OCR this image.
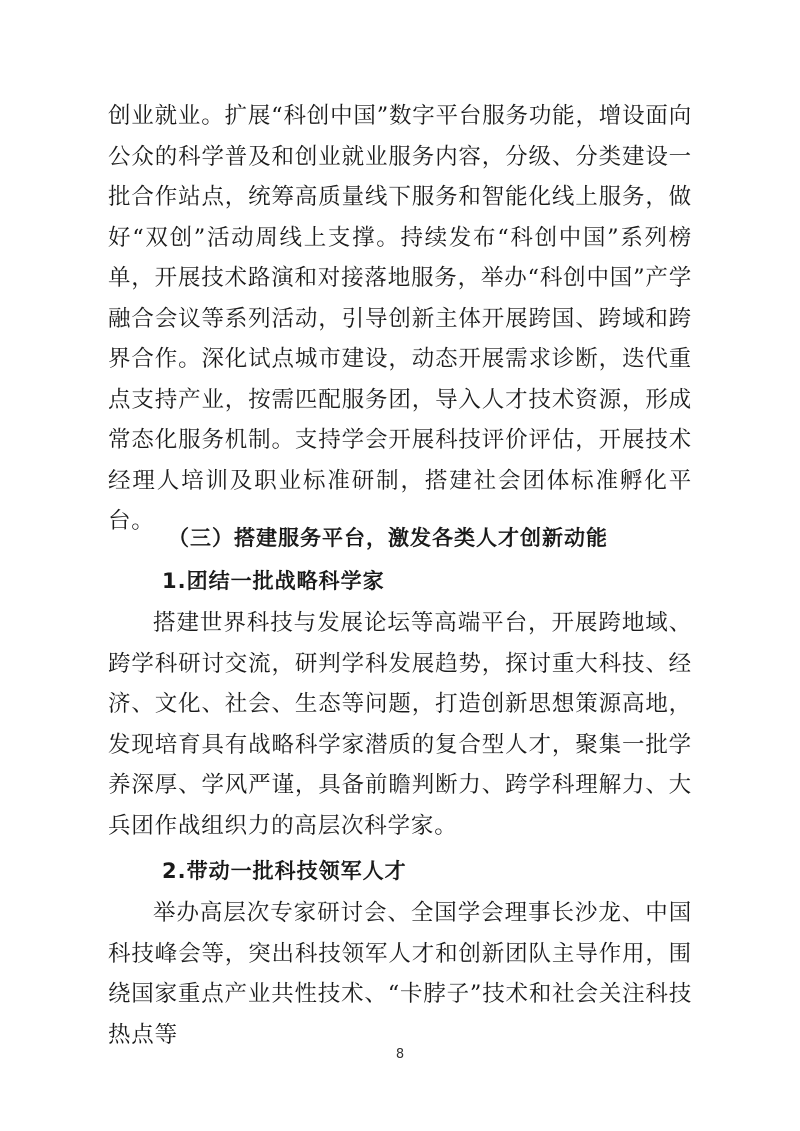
创业就业。扩展“科创中国”数字平台服务功能，增设面向公众的科学普及和创业就业服务内容，分级、分类建设一批合作站点，统筹高质量线下服务和智能化线上服务，做好“双创”活动周线上支撑。持续发布“科创中国”系列榜单，开展技术路演和对接落地服务，举办“科创中国”产学融合会议等系列活动，引导创新主体开展跨国、跨域和跨界合作。深化试点城市建设，动态开展需求诊断，迭代重点支持产业，按需匹配服务团，导入人才技术资源，形成常态化服务机制。支持学会开展科技评价评估，开展技术经理人培训及职业标准研制，搭建社会团体标准孵化平台。

（三）搭建服务平台，激发各类人才创新动能
1.团结一批战略科学家

搭建世界科技与发展论坛等高端平台，开展跨地域、跨学科研讨交流，研判学科发展趋势，探讨重大科技、经济、文化、社会、生态等问题，打造创新思想策源高地，发现培育具有战略科学家潜质的复合型人才，聚集一批学养深厚、学风严谨，具备前瞻判断力、跨学科理解力、大兵团作战组织力的高层次科学家。

2.带动一批科技领军人才

举办高层次专家研讨会、全国学会理事长沙龙、中国科技峰会等，突出科技领军人才和创新团队主导作用，围绕国家重点产业共性技术、“卡脖子”技术和社会关注科技热点等

8
